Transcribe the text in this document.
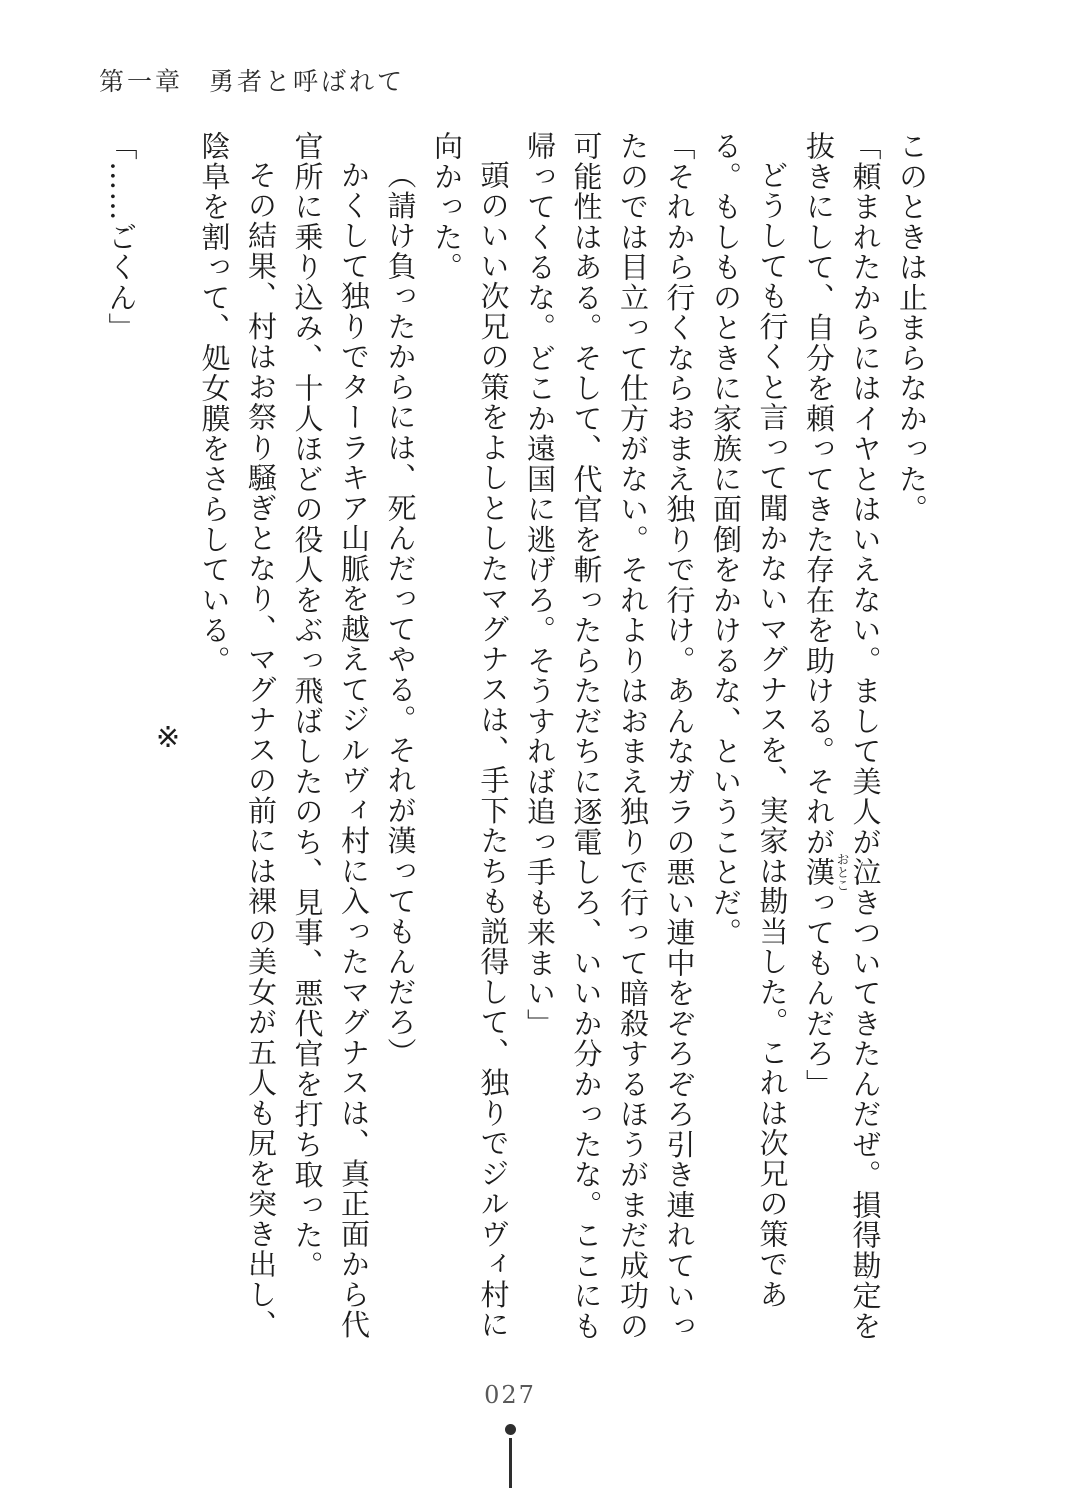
第一章 勇者と呼ばれて

このときは止まらなかった。

「頼まれたからにはイヤとはいえない。まして美人が泣きついてきたんだぜ。損得勘定を抜きにして、自分を頼ってきた存在を助ける。それが漢おとこってもんだろ」

どうしても行くと言って聞かないマグナスを、実家は勘当した。これは次兄の策である。もしものときに家族に面倒をかけるな、ということだ。

「それから行くならおまえ独りで行け。あんなガラの悪い連中をぞろぞろ引き連れていったのでは目立って仕方がない。それよりはおまえ独りで行って暗殺するほうがまだ成功の可能性はある。そして、代官を斬ったらただちに逐電しろ、いいか分かったな。ここにも帰ってくるな。どこか遠国に逃げろ。そうすれば追っ手も来まい」

頭のいい次兄の策をよしとしたマグナスは、手下たちも説得して、独りでジルヴィ村に向かった。

（請け負ったからには、死んだってやる。それが漢ってもんだろ）

かくして独りでターラキア山脈を越えてジルヴィ村に入ったマグナスは、真正面から代官所に乗り込み、十人ほどの役人をぶっ飛ばしたのち、見事、悪代官を打ち取った。

その結果、村はお祭り騒ぎとなり、マグナスの前には裸の美女が五人も尻を突き出し、陰阜を割って、処女膜をさらしている。

※

「……ごくん」

027
